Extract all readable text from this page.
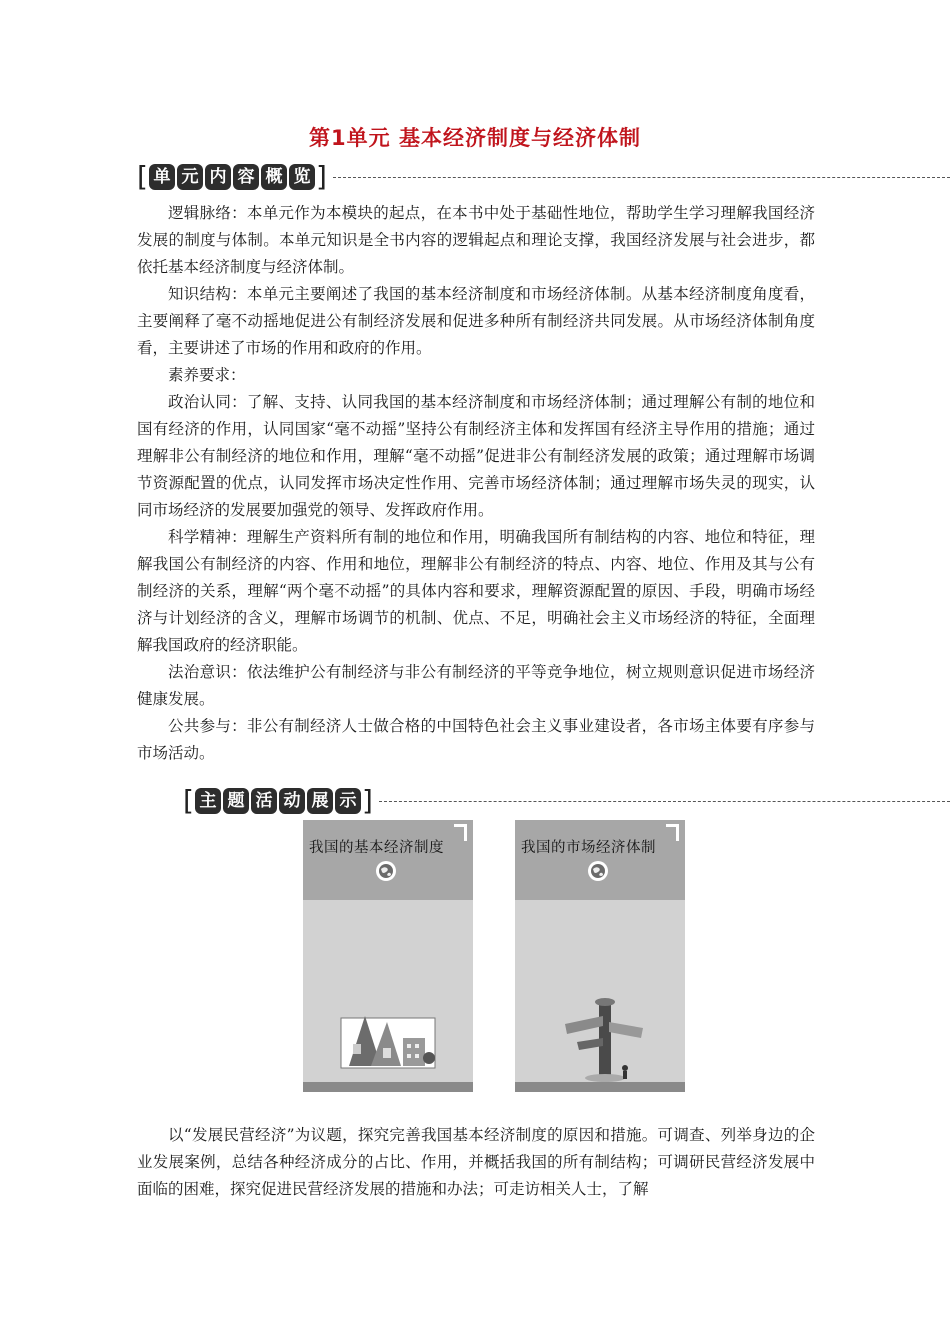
第1单元 基本经济制度与经济体制
[ 单 元 内 容 概 览 ]

逻辑脉络：本单元作为本模块的起点，在本书中处于基础性地位，帮助学生学习理解我国经济发展的制度与体制。本单元知识是全书内容的逻辑起点和理论支撑，我国经济发展与社会进步，都依托基本经济制度与经济体制。

知识结构：本单元主要阐述了我国的基本经济制度和市场经济体制。从基本经济制度角度看，主要阐释了毫不动摇地促进公有制经济发展和促进多种所有制经济共同发展。从市场经济体制角度看，主要讲述了市场的作用和政府的作用。

素养要求：

政治认同：了解、支持、认同我国的基本经济制度和市场经济体制；通过理解公有制的地位和国有经济的作用，认同国家“毫不动摇”坚持公有制经济主体和发挥国有经济主导作用的措施；通过理解非公有制经济的地位和作用，理解“毫不动摇”促进非公有制经济发展的政策；通过理解市场调节资源配置的优点，认同发挥市场决定性作用、完善市场经济体制；通过理解市场失灵的现实，认同市场经济的发展要加强党的领导、发挥政府作用。

科学精神：理解生产资料所有制的地位和作用，明确我国所有制结构的内容、地位和特征，理解我国公有制经济的内容、作用和地位，理解非公有制经济的特点、内容、地位、作用及其与公有制经济的关系，理解“两个毫不动摇”的具体内容和要求，理解资源配置的原因、手段，明确市场经济与计划经济的含义，理解市场调节的机制、优点、不足，明确社会主义市场经济的特征，全面理解我国政府的经济职能。

法治意识：依法维护公有制经济与非公有制经济的平等竞争地位，树立规则意识促进市场经济健康发展。

公共参与：非公有制经济人士做合格的中国特色社会主义事业建设者，各市场主体要有序参与市场活动。

[ 主 题 活 动 展 示 ]
我国的基本经济制度	我国的市场经济体制

以“发展民营经济”为议题，探究完善我国基本经济制度的原因和措施。可调查、列举身边的企业发展案例，总结各种经济成分的占比、作用，并概括我国的所有制结构；可调研民营经济发展中面临的困难，探究促进民营经济发展的措施和办法；可走访相关人士，了解
